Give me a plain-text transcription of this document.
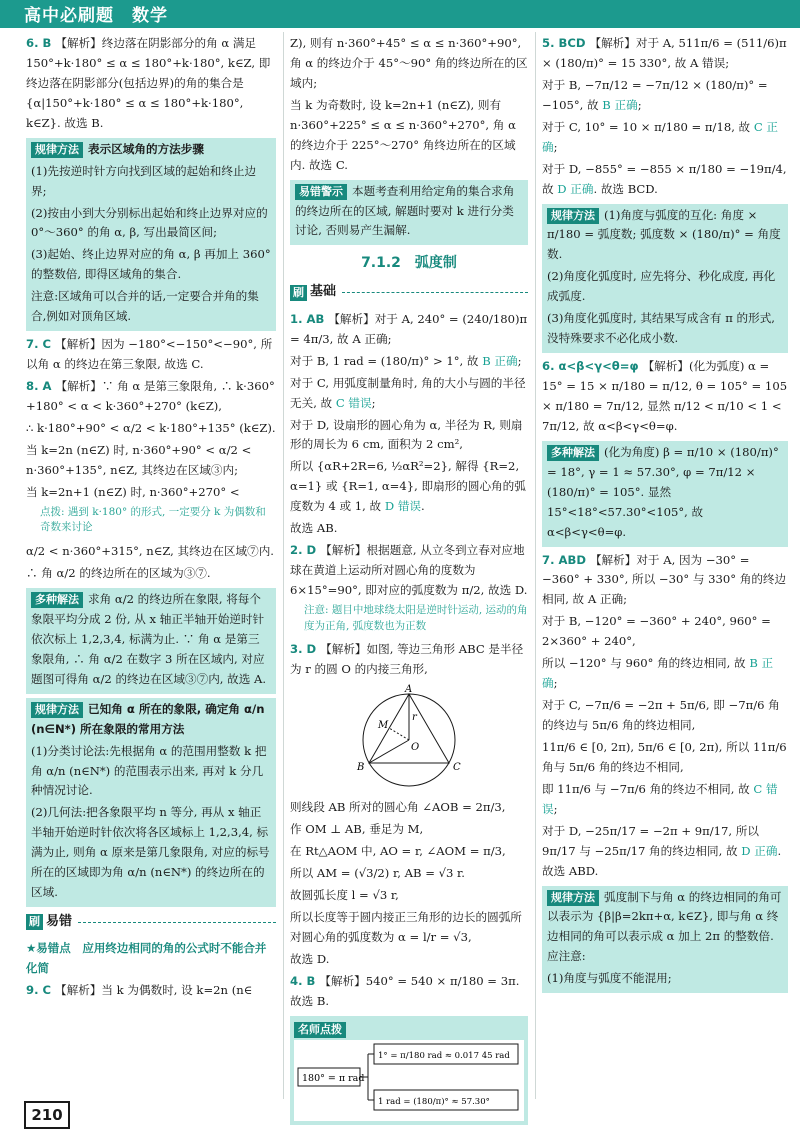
高中必刷题　数学

6. B 【解析】终边落在阴影部分的角 α 满足 150°+k·180° ≤ α ≤ 180°+k·180°, k∈Z, 即终边落在阴影部分(包括边界)的角的集合是 {α|150°+k·180° ≤ α ≤ 180°+k·180°, k∈Z}. 故选 B.

规律方法 表示区域角的方法步骤

(1)先按逆时针方向找到区域的起始和终止边界;

(2)按由小到大分别标出起始和终止边界对应的 0°～360° 的角 α, β, 写出最简区间;

(3)起始、终止边界对应的角 α, β 再加上 360° 的整数倍, 即得区域角的集合.

注意:区域角可以合并的话,一定要合并角的集合,例如对顶角区域.

7. C 【解析】因为 −180°<−150°<−90°, 所以角 α 的终边在第三象限, 故选 C.

8. A 【解析】∵ 角 α 是第三象限角, ∴ k·360°+180° < α < k·360°+270° (k∈Z),

∴ k·180°+90° < α/2 < k·180°+135° (k∈Z).

当 k=2n (n∈Z) 时, n·360°+90° < α/2 < n·360°+135°, n∈Z, 其终边在区域③内;

当 k=2n+1 (n∈Z) 时, n·360°+270° <

点拨: 遇到 k·180° 的形式, 一定要分 k 为偶数和奇数来讨论

α/2 < n·360°+315°, n∈Z, 其终边在区域⑦内.

∴ 角 α/2 的终边所在的区域为③⑦.

多种解法 求角 α/2 的终边所在象限, 将每个象限平均分成 2 份, 从 x 轴正半轴开始逆时针依次标上 1,2,3,4, 标满为止. ∵ 角 α 是第三象限角, ∴ 角 α/2 在数字 3 所在区域内, 对应题图可得角 α/2 的终边在区域③⑦内, 故选 A.

规律方法 已知角 α 所在的象限, 确定角 α/n (n∈N*) 所在象限的常用方法

(1)分类讨论法:先根据角 α 的范围用整数 k 把角 α/n (n∈N*) 的范围表示出来, 再对 k 分几种情况讨论.

(2)几何法:把各象限平均 n 等分, 再从 x 轴正半轴开始逆时针依次将各区域标上 1,2,3,4, 标满为止, 则角 α 原来是第几象限角, 对应的标号所在的区域即为角 α/n (n∈N*) 的终边所在的区域.

刷 易错

★易错点　 应用终边相同的角的公式时不能合并化简

9. C 【解析】当 k 为偶数时, 设 k=2n (n∈

Z), 则有 n·360°+45° ≤ α ≤ n·360°+90°, 角 α 的终边介于 45°～90° 角的终边所在的区域内;

当 k 为奇数时, 设 k=2n+1 (n∈Z), 则有 n·360°+225° ≤ α ≤ n·360°+270°, 角 α 的终边介于 225°～270° 角终边所在的区域内. 故选 C.

易错警示 本题考查利用给定角的集合求角的终边所在的区域, 解题时要对 k 进行分类讨论, 否则易产生漏解.

7.1.2　弧度制
刷 基础

1. AB 【解析】对于 A, 240° = (240/180)π = 4π/3, 故 A 正确;

对于 B, 1 rad = (180/π)° > 1°, 故 B 正确;

对于 C, 用弧度制量角时, 角的大小与圆的半径无关, 故 C 错误;

对于 D, 设扇形的圆心角为 α, 半径为 R, 则扇形的周长为 6 cm, 面积为 2 cm²,

所以 {αR+2R=6, ½αR²=2}, 解得 {R=2, α=1} 或 {R=1, α=4}, 即扇形的圆心角的弧度数为 4 或 1, 故 D 错误.

故选 AB.

2. D 【解析】根据题意, 从立冬到立春对应地球在黄道上运动所对圆心角的度数为 6×15°=90°, 即对应的弧度数为 π/2, 故选 D.

注意: 题目中地球绕太阳是逆时针运动, 运动的角度为正角, 弧度数也为正数

3. D 【解析】如图, 等边三角形 ABC 是半径为 r 的圆 O 的内接三角形,

A
B	C
M
O
r

则线段 AB 所对的圆心角 ∠AOB = 2π/3,

作 OM ⊥ AB, 垂足为 M,

在 Rt△AOM 中, AO = r, ∠AOM = π/3,

所以 AM = (√3/2) r, AB = √3 r.

故圆弧长度 l = √3 r,

所以长度等于圆内接正三角形的边长的圆弧所对圆心角的弧度数为 α = l/r = √3,

故选 D.

4. B 【解析】540° = 540 × π/180 = 3π. 故选 B.

名师点拨
180° = π rad
1° = π/180 rad ≈ 0.017 45 rad
1 rad = (180/π)° ≈ 57.30°

5. BCD 【解析】对于 A, 511π/6 = (511/6)π × (180/π)° = 15 330°, 故 A 错误;

对于 B, −7π/12 = −7π/12 × (180/π)° = −105°, 故 B 正确;

对于 C, 10° = 10 × π/180 = π/18, 故 C 正确;

对于 D, −855° = −855 × π/180 = −19π/4, 故 D 正确. 故选 BCD.

规律方法 (1)角度与弧度的互化: 角度 × π/180 = 弧度数; 弧度数 × (180/π)° = 角度数.

(2)角度化弧度时, 应先将分、秒化成度, 再化成弧度.

(3)角度化弧度时, 其结果写成含有 π 的形式, 没特殊要求不必化成小数.

6. α<β<γ<θ=φ 【解析】(化为弧度) α = 15° = 15 × π/180 = π/12, θ = 105° = 105 × π/180 = 7π/12, 显然 π/12 < π/10 < 1 < 7π/12, 故 α<β<γ<θ=φ.

多种解法 (化为角度) β = π/10 × (180/π)° = 18°, γ = 1 ≈ 57.30°, φ = 7π/12 × (180/π)° = 105°. 显然 15°<18°<57.30°<105°, 故 α<β<γ<θ=φ.

7. ABD 【解析】对于 A, 因为 −30° = −360° + 330°, 所以 −30° 与 330° 角的终边相同, 故 A 正确;

对于 B, −120° = −360° + 240°, 960° = 2×360° + 240°,

所以 −120° 与 960° 角的终边相同, 故 B 正确;

对于 C, −7π/6 = −2π + 5π/6, 即 −7π/6 角的终边与 5π/6 角的终边相同,

11π/6 ∈ [0, 2π), 5π/6 ∈ [0, 2π), 所以 11π/6 角与 5π/6 角的终边不相同,

即 11π/6 与 −7π/6 角的终边不相同, 故 C 错误;

对于 D, −25π/17 = −2π + 9π/17, 所以 9π/17 与 −25π/17 角的终边相同, 故 D 正确. 故选 ABD.

规律方法 弧度制下与角 α 的终边相同的角可以表示为 {β|β=2kπ+α, k∈Z}, 即与角 α 终边相同的角可以表示成 α 加上 2π 的整数倍. 应注意:

(1)角度与弧度不能混用;

210
